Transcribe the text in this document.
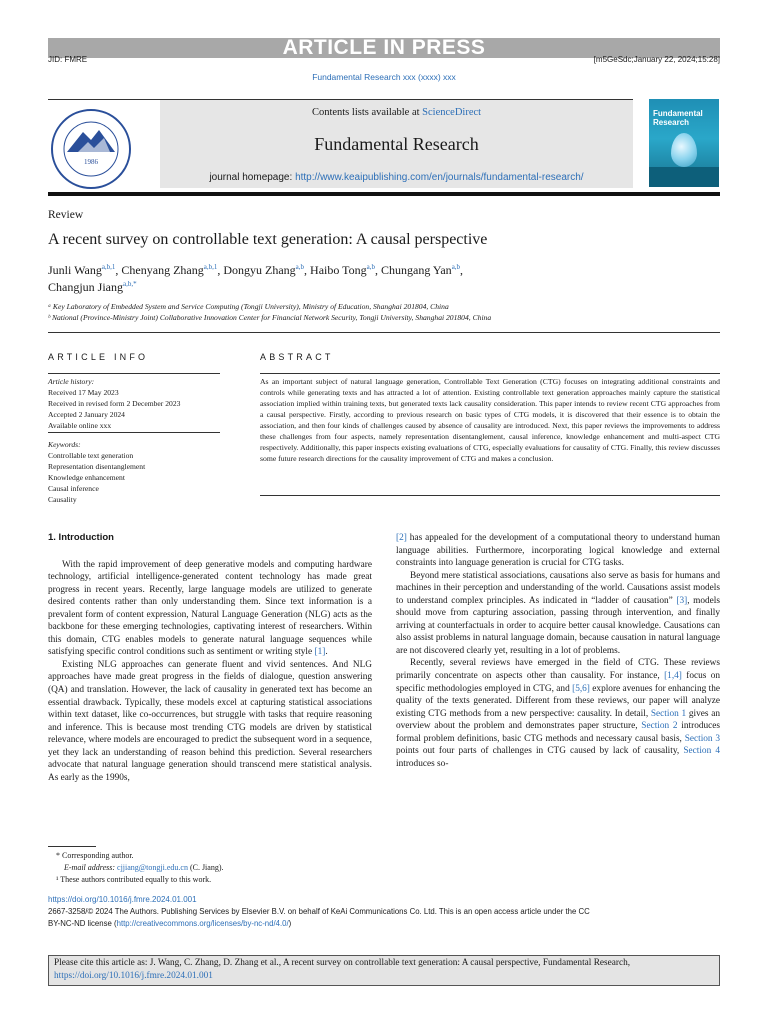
ARTICLE IN PRESS
JID: FMRE	[m5GeSdc;January 22, 2024;15:28]
Fundamental Research xxx (xxxx) xxx
1986
Contents lists available at ScienceDirect
Fundamental Research
journal homepage: http://www.keaipublishing.com/en/journals/fundamental-research/
Fundamental
Research
Review
A recent survey on controllable text generation: A causal perspective
Junli Wang$^{a,b,1}$, Chenyang Zhang$^{a,b,1}$, Dongyu Zhang$^{a,b}$, Haibo Tong$^{a,b}$, Chungang Yan$^{a,b}$,
Changjun Jiang$^{a,b,*}$
ᵃ Key Laboratory of Embedded System and Service Computing (Tongji University), Ministry of Education, Shanghai 201804, China
ᵇ National (Province-Ministry Joint) Collaborative Innovation Center for Financial Network Security, Tongji University, Shanghai 201804, China
ARTICLE INFO
Article history:
Received 17 May 2023
Received in revised form 2 December 2023
Accepted 2 January 2024
Available online xxx
Keywords:
Controllable text generation
Representation disentanglement
Knowledge enhancement
Causal inference
Causality
ABSTRACT
As an important subject of natural language generation, Controllable Text Generation (CTG) focuses on integrating additional constraints and controls while generating texts and has attracted a lot of attention. Existing controllable text generation approaches mainly capture the statistical association implied within training texts, but generated texts lack causality consideration. This paper intends to review recent CTG approaches from a causal perspective. Firstly, according to previous research on basic types of CTG models, it is discovered that their essence is to obtain the association, and then four kinds of challenges caused by absence of causality are introduced. Next, this paper reviews the improvements to address these challenges from four aspects, namely representation disentanglement, causal inference, knowledge enhancement and multi-aspect CTG respectively. Additionally, this paper inspects existing evaluations of CTG, especially evaluations for causality of CTG. Finally, this review discusses some future research directions for the causality improvement of CTG and makes a conclusion.
1. Introduction

With the rapid improvement of deep generative models and computing hardware technology, artificial intelligence-generated content technology has made great progress in recent years. Recently, large language models are utilized to generate desired contents rather than only understanding them. Since text information is a prevalent form of content expression, Natural Language Generation (NLG) acts as the backbone for these emerging technologies, captivating interest of researchers. Within this domain, CTG enables models to generate natural language sequences while satisfying specific control conditions such as sentiment or writing style [1].

Existing NLG approaches can generate fluent and vivid sentences. And NLG approaches have made great progress in the fields of dialogue, question answering (QA) and translation. However, the lack of causality in generated text has become an essential drawback. Typically, these models excel at capturing statistical associations within text dataset, like co-occurrences, but struggle with tasks that require reasoning and inference. This is because most trending CTG models are driven by statistical relevance, where models are encouraged to predict the subsequent word in a sequence, yet they lack an understanding of reason behind this prediction. Several researchers advocate that natural language generation should transcend mere statistical analysis. As early as the 1990s,

[2] has appealed for the development of a computational theory to understand human language abilities. Furthermore, incorporating logical knowledge and external constraints into language generation is crucial for CTG tasks.

Beyond mere statistical associations, causations also serve as basis for humans and machines in their perception and understanding of the world. Causations assist models to understand complex principles. As indicated in “ladder of causation” [3], models should move from capturing association, passing through intervention, and finally arriving at counterfactuals in order to acquire better causal knowledge. Causations can also assist problems in natural language domain, because causation in natural language are not discovered clearly yet, resulting in a lot of problems.

Recently, several reviews have emerged in the field of CTG. These reviews primarily concentrate on aspects other than causality. For instance, [1,4] focus on specific methodologies employed in CTG, and [5,6] explore avenues for enhancing the quality of the texts generated. Different from these reviews, our paper will analyze existing CTG methods from a new perspective: causality. In detail, Section 1 gives an overview about the problem and demonstrates paper structure, Section 2 introduces formal problem definitions, basic CTG methods and necessary causal basis, Section 3 points out four parts of challenges in CTG caused by lack of causality, Section 4 introduces so-

* Corresponding author.
E-mail address: cjjiang@tongji.edu.cn (C. Jiang).
¹ These authors contributed equally to this work.
https://doi.org/10.1016/j.fmre.2024.01.001
2667-3258/© 2024 The Authors. Publishing Services by Elsevier B.V. on behalf of KeAi Communications Co. Ltd. This is an open access article under the CC
BY-NC-ND license (http://creativecommons.org/licenses/by-nc-nd/4.0/)
Please cite this article as: J. Wang, C. Zhang, D. Zhang et al., A recent survey on controllable text generation: A causal perspective, Fundamental Research, https://doi.org/10.1016/j.fmre.2024.01.001
